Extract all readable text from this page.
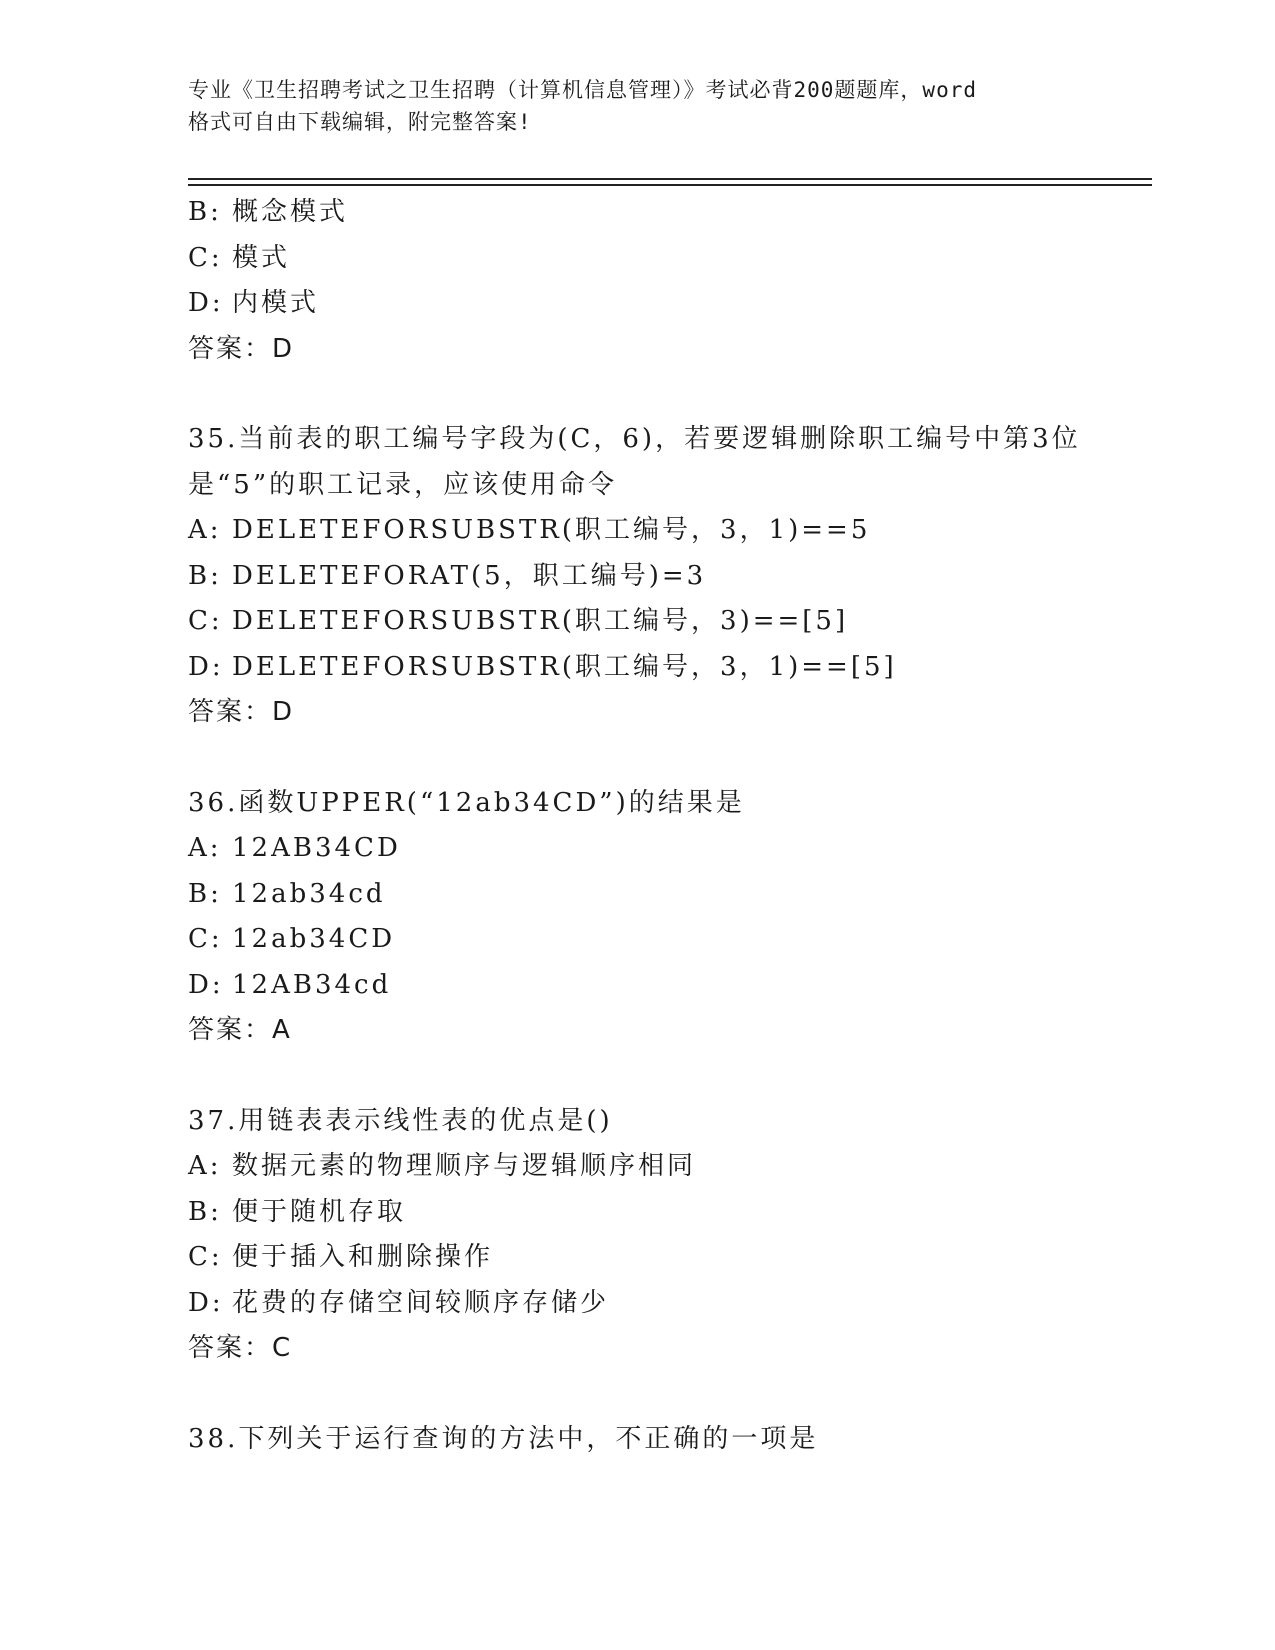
专业《卫生招聘考试之卫生招聘（计算机信息管理）》考试必背200题题库，word
格式可自由下载编辑，附完整答案!
B: 概念模式
C: 模式
D: 内模式
答案：D
35.当前表的职工编号字段为(C，6)，若要逻辑删除职工编号中第3位
是“5”的职工记录，应该使用命令
A: DELETEFORSUBSTR(职工编号，3，1)==5
B: DELETEFORAT(5，职工编号)=3
C: DELETEFORSUBSTR(职工编号，3)==[5]
D: DELETEFORSUBSTR(职工编号，3，1)==[5]
答案：D
36.函数UPPER(“12ab34CD”)的结果是
A: 12AB34CD
B: 12ab34cd
C: 12ab34CD
D: 12AB34cd
答案：A
37.用链表表示线性表的优点是()
A: 数据元素的物理顺序与逻辑顺序相同
B: 便于随机存取
C: 便于插入和删除操作
D: 花费的存储空间较顺序存储少
答案：C
38.下列关于运行查询的方法中，不正确的一项是
